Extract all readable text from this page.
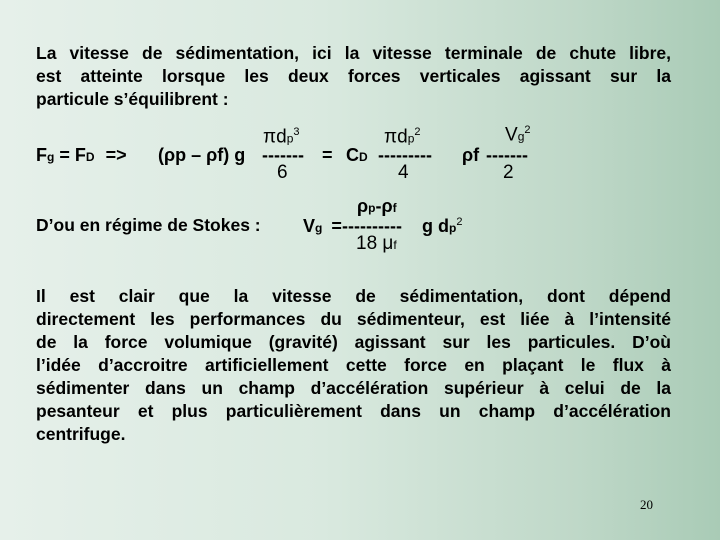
La vitesse de sédimentation, ici la vitesse terminale de chute libre,
est atteinte lorsque les deux forces verticales agissant sur la
particule s’équilibrent :
Fg = FD => (ρp – ρf) g
πdp$^3$
-------
6
= CD
πdp$^2$
---------
4
ρf
Vg$^2$
-------
2
D’ou en régime de Stokes : Vg =
ρp-ρf
---------- g $dp^2$
18 μf
Il est clair que la vitesse de sédimentation, dont dépend
directement les performances du sédimenteur, est liée à l’intensité
de la force volumique (gravité) agissant sur les particules. D’où
l’idée d’accroitre artificiellement cette force en plaçant le flux à
sédimenter dans un champ d’accélération supérieur à celui de la
pesanteur et plus particulièrement dans un champ d’accélération
centrifuge.
20
